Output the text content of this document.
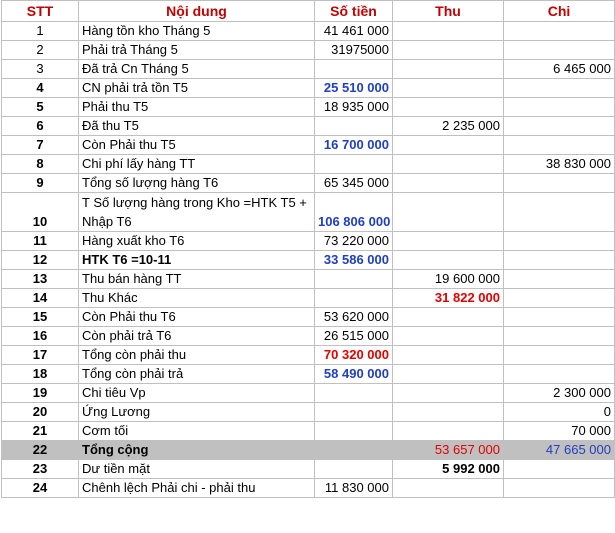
STT	Nội dung	Số tiền	Thu	Chi
1	Hàng tồn kho Tháng 5	41 461 000		
2	Phải trả Tháng 5	31975000		
3	Đã trả Cn Tháng 5			6 465 000
4	CN phải trả tồn T5	25 510 000		
5	Phải thu T5	18 935 000		
6	Đã thu T5		2 235 000	
7	Còn Phải thu T5	16 700 000		
8	Chi phí lấy hàng TT			38 830 000
9	Tổng số lượng hàng T6	65 345 000		
10	T Số lượng hàng trong Kho =HTK T5 + Nhập T6	106 806 000		
11	Hàng xuất kho T6	73 220 000		
12	HTK T6 =10-11	33 586 000		
13	Thu bán hàng TT		19 600 000	
14	Thu Khác		31 822 000	
15	Còn Phải thu T6	53 620 000		
16	Còn phải trả T6	26 515 000		
17	Tổng còn phải thu	70 320 000		
18	Tổng còn phải trả	58 490 000		
19	Chi tiêu Vp			2 300 000
20	Ứng Lương			0
21	Cơm tối			70 000
22	Tổng cộng		53 657 000	47 665 000
23	Dư tiền mặt		5 992 000	
24	Chênh lệch Phải chi - phải thu	11 830 000		
